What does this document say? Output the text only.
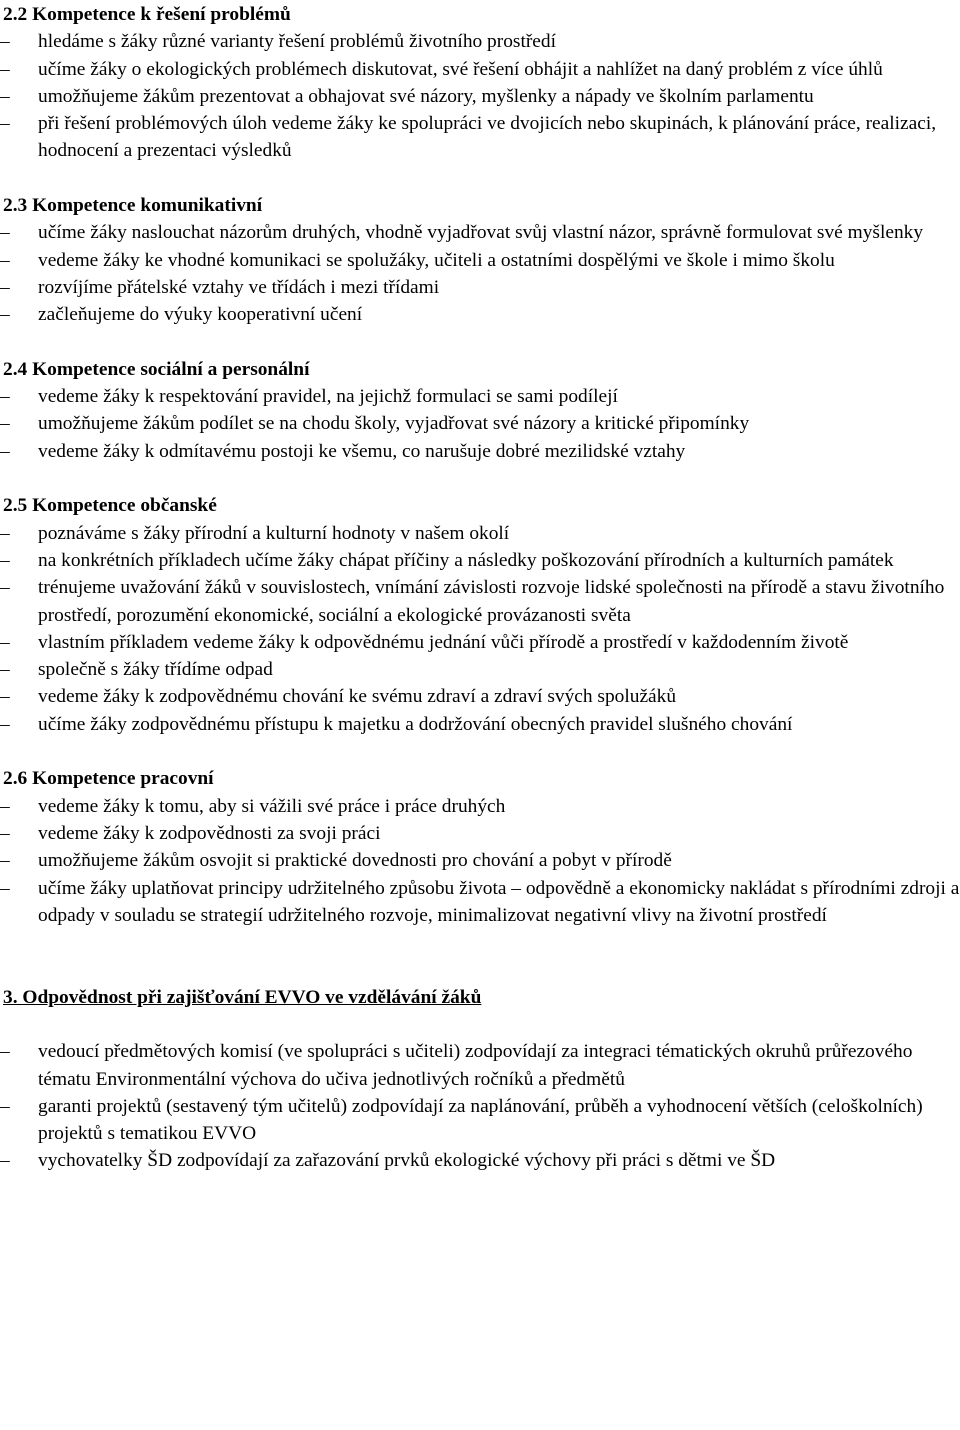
2.2 Kompetence k řešení problémů
– hledáme s žáky různé varianty řešení problémů životního prostředí
– učíme žáky o ekologických problémech diskutovat, své řešení obhájit a nahlížet na daný problém z více úhlů
– umožňujeme žákům prezentovat a obhajovat své názory, myšlenky a nápady ve školním parlamentu
– při řešení problémových úloh vedeme žáky ke spolupráci ve dvojicích nebo skupinách, k plánování práce, realizaci, hodnocení a prezentaci výsledků
2.3 Kompetence komunikativní
– učíme žáky naslouchat názorům druhých, vhodně vyjadřovat svůj vlastní názor, správně formulovat své myšlenky
– vedeme žáky ke vhodné komunikaci se spolužáky, učiteli a ostatními dospělými ve škole i mimo školu
– rozvíjíme přátelské vztahy ve třídách i mezi třídami
– začleňujeme do výuky kooperativní učení
2.4 Kompetence sociální a personální
– vedeme žáky k respektování pravidel, na jejichž formulaci se sami podílejí
– umožňujeme žákům podílet se na chodu školy, vyjadřovat své názory a kritické připomínky
– vedeme žáky k odmítavému postoji ke všemu, co narušuje dobré mezilidské vztahy
2.5 Kompetence občanské
– poznáváme s žáky přírodní a kulturní hodnoty v našem okolí
– na konkrétních příkladech učíme žáky chápat příčiny a následky poškozování přírodních a kulturních památek
– trénujeme uvažování žáků v souvislostech, vnímání závislosti rozvoje lidské společnosti na přírodě a stavu životního prostředí, porozumění ekonomické, sociální a ekologické provázanosti světa
– vlastním příkladem vedeme žáky k odpovědnému jednání vůči přírodě a prostředí v každodenním životě
– společně s žáky třídíme odpad
– vedeme žáky k zodpovědnému chování ke svému zdraví a zdraví svých spolužáků
– učíme žáky zodpovědnému přístupu k majetku a dodržování obecných pravidel slušného chování
2.6 Kompetence pracovní
– vedeme žáky k tomu, aby si vážili své práce i práce druhých
– vedeme žáky k zodpovědnosti za svoji práci
– umožňujeme žákům osvojit si praktické dovednosti pro chování a pobyt v přírodě
– učíme žáky uplatňovat principy udržitelného způsobu života – odpovědně a ekonomicky nakládat s přírodními zdroji a odpady v souladu se strategií udržitelného rozvoje, minimalizovat negativní vlivy na životní prostředí
3. Odpovědnost při zajišťování EVVO ve vzdělávání žáků
– vedoucí předmětových komisí (ve spolupráci s učiteli) zodpovídají za integraci tématických okruhů průřezového tématu Environmentální výchova do učiva jednotlivých ročníků a předmětů
– garanti projektů (sestavený tým učitelů) zodpovídají za naplánování, průběh a vyhodnocení větších (celoškolních) projektů s tematikou EVVO
– vychovatelky ŠD zodpovídají za zařazování prvků ekologické výchovy při práci s dětmi ve ŠD
